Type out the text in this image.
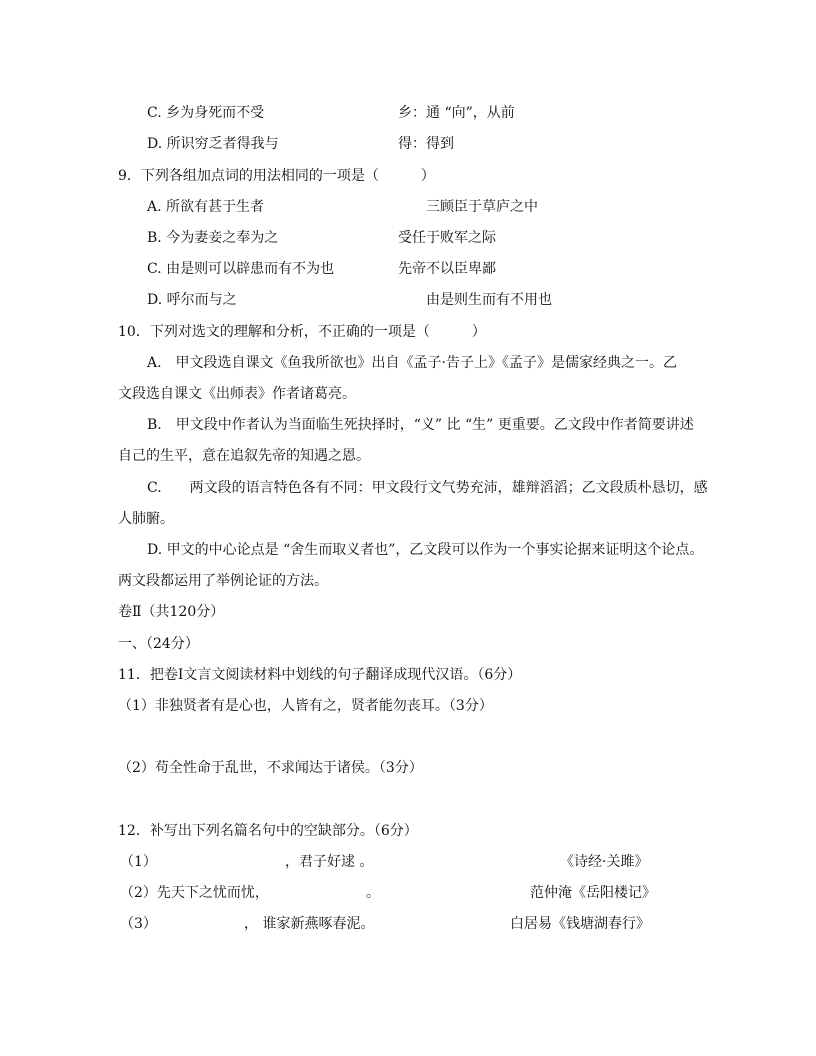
C. 乡为身死而不受	乡：通 “向”，从前
D. 所识穷乏者得我与	得：得到
9．下列各组加点词的用法相同的一项是（　　　）
A. 所欲有甚于生者	三顾臣于草庐之中
B. 今为妻妾之奉为之	受任于败军之际
C. 由是则可以辟患而有不为也	先帝不以臣卑鄙
D. 呼尔而与之	由是则生而有不用也
10．下列对选文的理解和分析，不正确的一项是（　　　）
A.　甲文段选自课文《鱼我所欲也》出自《孟子·告子上》《孟子》是儒家经典之一。乙
文段选自课文《出师表》作者诸葛亮。
B.　甲文段中作者认为当面临生死抉择时，“义” 比 “生” 更重要。乙文段中作者简要讲述
自己的生平，意在追叙先帝的知遇之恩。
C.　　两文段的语言特色各有不同：甲文段行文气势充沛，雄辩滔滔；乙文段质朴恳切，感
人肺腑。
D. 甲文的中心论点是 “舍生而取义者也”，乙文段可以作为一个事实论据来证明这个论点。
两文段都运用了举例论证的方法。
卷Ⅱ（共120分）
一、（24分）
11．把卷Ⅰ文言文阅读材料中划线的句子翻译成现代汉语。（6分）
（1）非独贤者有是心也，人皆有之，贤者能勿丧耳。（3分）
（2）苟全性命于乱世，不求闻达于诸侯。（3分）
12．补写出下列名篇名句中的空缺部分。（6分）
（1）	，君子好逑 。	《诗经·关雎》
（2）先天下之忧而忧，	。	范仲淹《岳阳楼记》
（3）	， 谁家新燕啄春泥。	白居易《钱塘湖春行》
